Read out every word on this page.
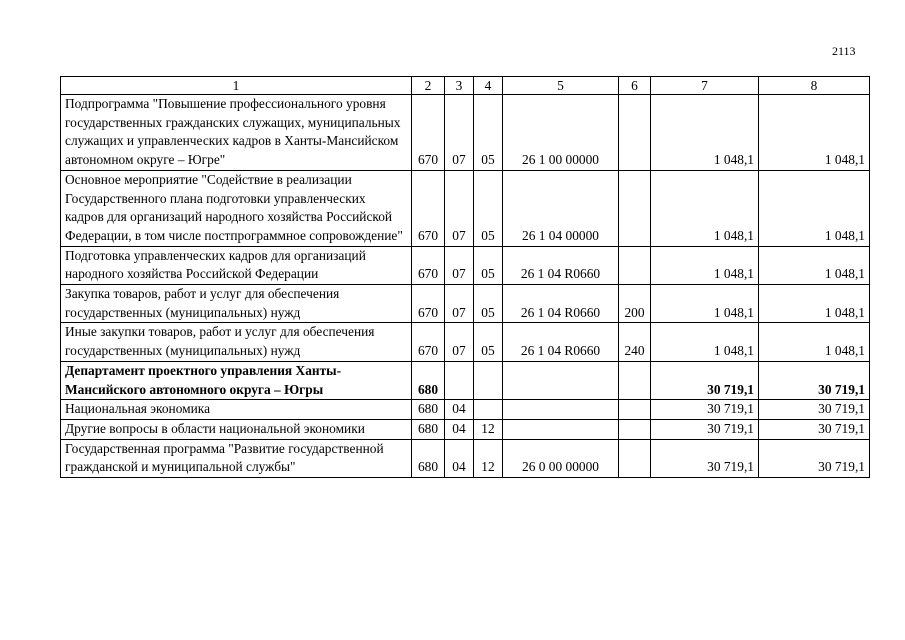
2113
1	2	3	4	5	6	7	8
Подпрограмма "Повышение профессионального уровня государственных гражданских служащих, муниципальных служащих и управленческих кадров в Ханты-Мансийском автономном округе – Югре"	670	07	05	26 1 00 00000		1 048,1	1 048,1
Основное мероприятие "Содействие в реализации Государственного плана подготовки управленческих кадров для организаций народного хозяйства Российской Федерации, в том числе постпрограммное сопровождение"	670	07	05	26 1 04 00000		1 048,1	1 048,1
Подготовка управленческих кадров для организаций народного хозяйства Российской Федерации	670	07	05	26 1 04 R0660		1 048,1	1 048,1
Закупка товаров, работ и услуг для обеспечения государственных (муниципальных) нужд	670	07	05	26 1 04 R0660	200	1 048,1	1 048,1
Иные закупки товаров, работ и услуг для обеспечения государственных (муниципальных) нужд	670	07	05	26 1 04 R0660	240	1 048,1	1 048,1
Департамент проектного управления Ханты-Мансийского автономного округа – Югры	680					30 719,1	30 719,1
Национальная экономика	680	04				30 719,1	30 719,1
Другие вопросы в области национальной экономики	680	04	12			30 719,1	30 719,1
Государственная программа "Развитие государственной гражданской и муниципальной службы"	680	04	12	26 0 00 00000		30 719,1	30 719,1
